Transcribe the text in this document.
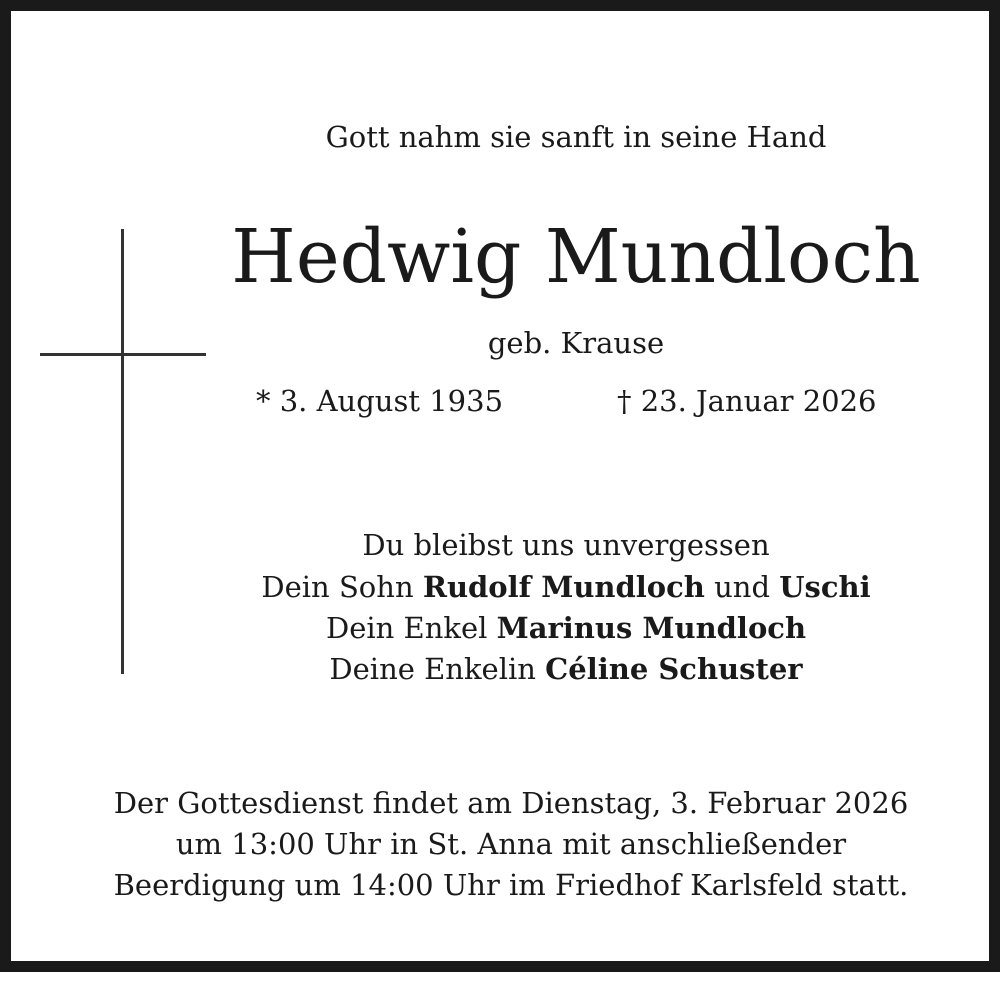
Gott nahm sie sanft in seine Hand
Hedwig Mundloch
geb. Krause
* 3. August 1935	† 23. Januar 2026
Du bleibst uns unvergessen
Dein Sohn Rudolf Mundloch und Uschi
Dein Enkel Marinus Mundloch
Deine Enkelin Céline Schuster
Der Gottesdienst findet am Dienstag, 3. Februar 2026
um 13:00 Uhr in St. Anna mit anschließender
Beerdigung um 14:00 Uhr im Friedhof Karlsfeld statt.
